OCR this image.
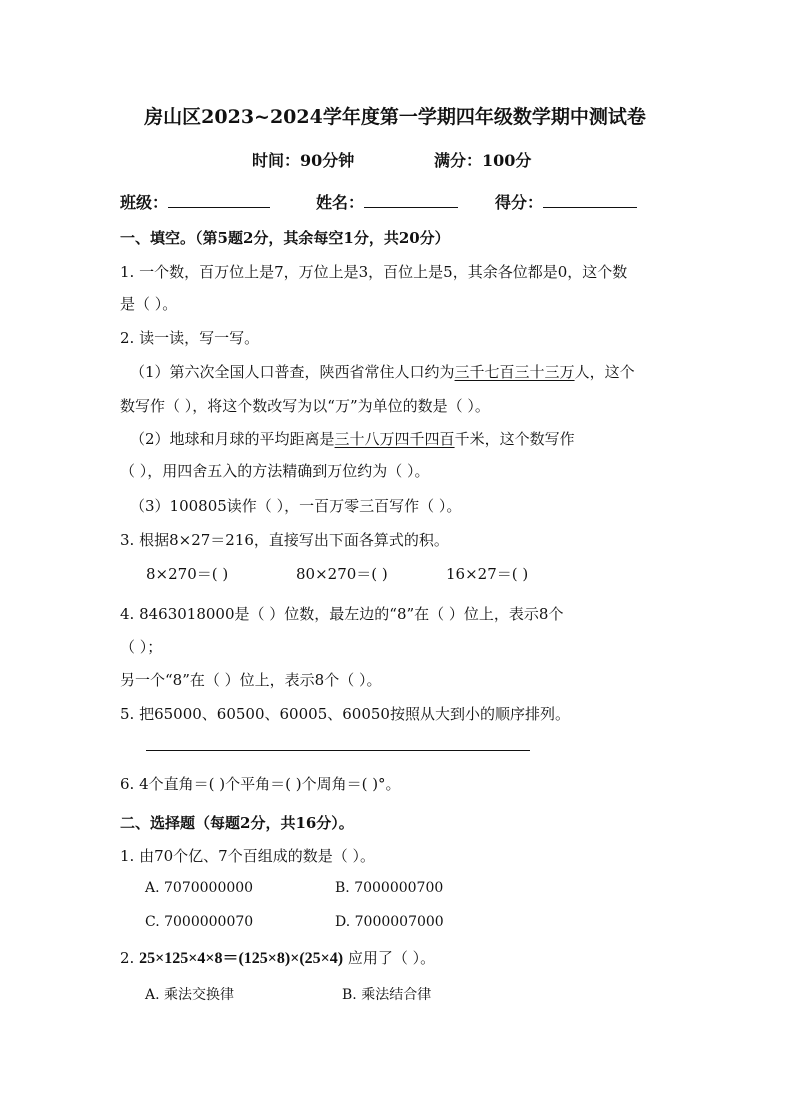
房山区2023~2024学年度第一学期四年级数学期中测试卷
时间：90分钟	满分：100分
班级：	姓名：	得分：
一、填空。（第5题2分，其余每空1分，共20分）
1. 一个数，百万位上是7，万位上是3，百位上是5，其余各位都是0，这个数
是（ ）。
2. 读一读，写一写。
（1）第六次全国人口普查，陕西省常住人口约为三千七百三十三万人，这个
数写作（ ），将这个数改写为以“万”为单位的数是（ ）。
（2）地球和月球的平均距离是三十八万四千四百千米，这个数写作
（ ），用四舍五入的方法精确到万位约为（ ）。
（3）100805读作（ ），一百万零三百写作（ ）。
3. 根据8×27＝216，直接写出下面各算式的积。
8×270＝( )	80×270＝( )	16×27＝( )
4. 8463018000是（ ）位数，最左边的“8”在（ ）位上，表示8个
（ ）；
另一个“8”在（ ）位上，表示8个（ ）。
5. 把65000、60500、60005、60050按照从大到小的顺序排列。
6. 4个直角＝( )个平角＝( )个周角＝( )°。
二、选择题（每题2分，共16分）。
1. 由70个亿、7个百组成的数是（ ）。
A. 7070000000	B. 7000000700
C. 7000000070	D. 7000007000
2. 25×125×4×8＝(125×8)×(25×4) 应用了（ ）。
A. 乘法交换律	B. 乘法结合律
